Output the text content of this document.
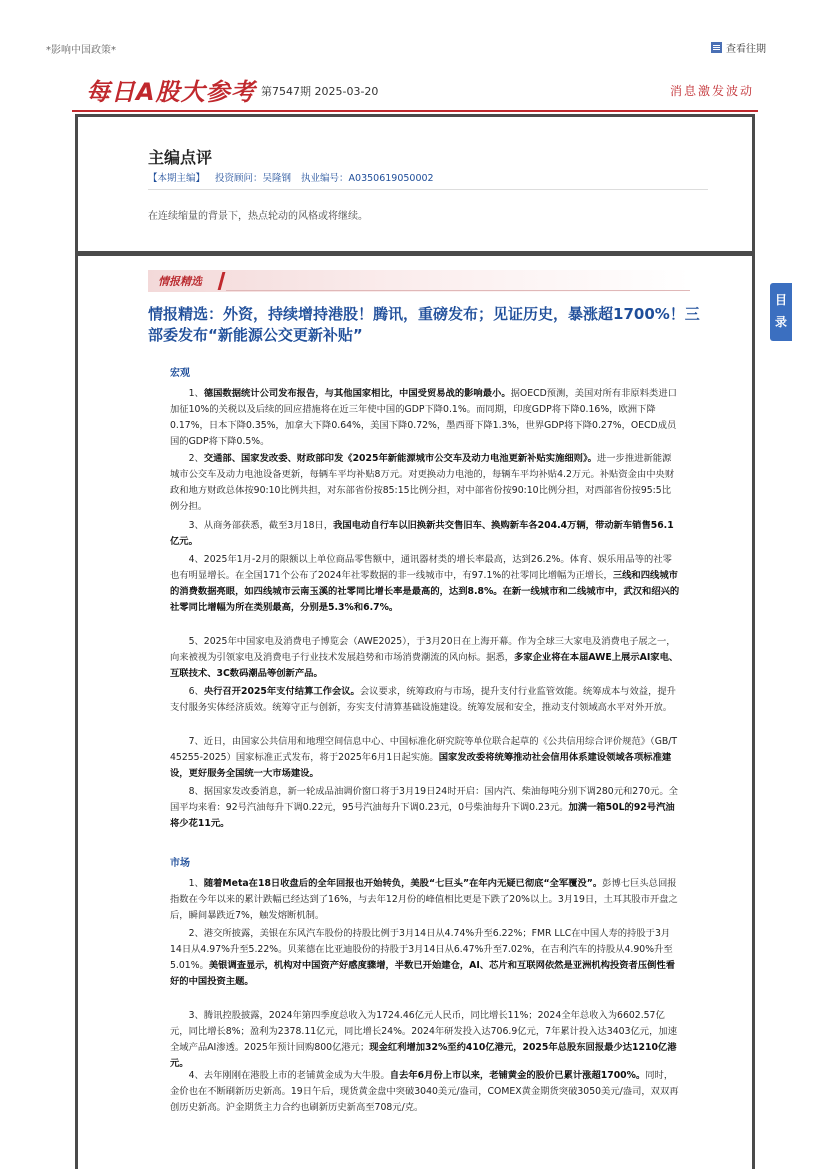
*影响中国政策*	查看往期
每日A股大参考 第7547期 2025-03-20	消息激发波动
主编点评
【本期主编】 投资顾问：吴隆钢 执业编号：A0350619050002
在连续缩量的背景下，热点轮动的风格或将继续。
情报精选
情报精选：外资，持续增持港股！腾讯，重磅发布；见证历史，暴涨超1700%！三部委发布“新能源公交更新补贴”
宏观
1、德国数据统计公司发布报告，与其他国家相比，中国受贸易战的影响最小。据OECD预测，美国对所有非原料类进口加征10%的关税以及后续的回应措施将在近三年使中国的GDP下降0.1%。而同期，印度GDP将下降0.16%，欧洲下降0.17%，日本下降0.35%，加拿大下降0.64%，美国下降0.72%，墨西哥下降1.3%，世界GDP将下降0.27%，OECD成员国的GDP将下降0.5%。
2、交通部、国家发改委、财政部印发《2025年新能源城市公交车及动力电池更新补贴实施细则》。进一步推进新能源城市公交车及动力电池设备更新，每辆车平均补贴8万元。对更换动力电池的，每辆车平均补贴4.2万元。补贴资金由中央财政和地方财政总体按90:10比例共担，对东部省份按85:15比例分担，对中部省份按90:10比例分担，对西部省份按95:5比例分担。
3、从商务部获悉，截至3月18日，我国电动自行车以旧换新共交售旧车、换购新车各204.4万辆，带动新车销售56.1亿元。
4、2025年1月-2月的限额以上单位商品零售额中，通讯器材类的增长率最高，达到26.2%。体育、娱乐用品等的社零也有明显增长。在全国171个公布了2024年社零数据的非一线城市中，有97.1%的社零同比增幅为正增长，三线和四线城市的消费数据亮眼，如四线城市云南玉溪的社零同比增长率是最高的，达到8.8%。在新一线城市和二线城市中，武汉和绍兴的社零同比增幅为所在类别最高，分别是5.3%和6.7%。
5、2025年中国家电及消费电子博览会（AWE2025），于3月20日在上海开幕。作为全球三大家电及消费电子展之一，向来被视为引领家电及消费电子行业技术发展趋势和市场消费潮流的风向标。据悉，多家企业将在本届AWE上展示AI家电、互联技术、3C数码潮品等创新产品。
6、央行召开2025年支付结算工作会议。会议要求，统筹政府与市场，提升支付行业监管效能。统筹成本与效益，提升支付服务实体经济质效。统筹守正与创新，夯实支付清算基础设施建设。统筹发展和安全，推动支付领域高水平对外开放。
7、近日，由国家公共信用和地理空间信息中心、中国标准化研究院等单位联合起草的《公共信用综合评价规范》（GB/T 45255-2025）国家标准正式发布，将于2025年6月1日起实施。国家发改委将统筹推动社会信用体系建设领域各项标准建设，更好服务全国统一大市场建设。
8、据国家发改委消息，新一轮成品油调价窗口将于3月19日24时开启：国内汽、柴油每吨分别下调280元和270元。全国平均来看：92号汽油每升下调0.22元，95号汽油每升下调0.23元，0号柴油每升下调0.23元。加满一箱50L的92号汽油将少花11元。
市场
1、随着Meta在18日收盘后的全年回报也开始转负，美股“七巨头”在年内无疑已彻底“全军覆没”。彭博七巨头总回报指数在今年以来的累计跌幅已经达到了16%，与去年12月份的峰值相比更是下跌了20%以上。3月19日，土耳其股市开盘之后，瞬间暴跌近7%，触发熔断机制。
2、港交所披露，美银在东风汽车股份的持股比例于3月14日从4.74%升至6.22%；FMR LLC在中国人寿的持股于3月14日从4.97%升至5.22%。贝莱德在比亚迪股份的持股于3月14日从6.47%升至7.02%，在吉利汽车的持股从4.90%升至5.01%。美银调查显示，机构对中国资产好感度骤增，半数已开始建仓，AI、芯片和互联网依然是亚洲机构投资者压倒性看好的中国投资主题。
3、腾讯控股披露，2024年第四季度总收入为1724.46亿元人民币，同比增长11%；2024全年总收入为6602.57亿元，同比增长8%；盈利为2378.11亿元，同比增长24%。2024年研发投入达706.9亿元，7年累计投入达3403亿元，加速全域产品AI渗透。2025年预计回购800亿港元；现金红利增加32%至约410亿港元，2025年总股东回报最少达1210亿港元。
4、去年刚刚在港股上市的老铺黄金成为大牛股。自去年6月份上市以来，老铺黄金的股价已累计涨超1700%。同时，金价也在不断刷新历史新高。19日午后，现货黄金盘中突破3040美元/盎司，COMEX黄金期货突破3050美元/盎司，双双再创历史新高。沪金期货主力合约也刷新历史新高至708元/克。
目录
